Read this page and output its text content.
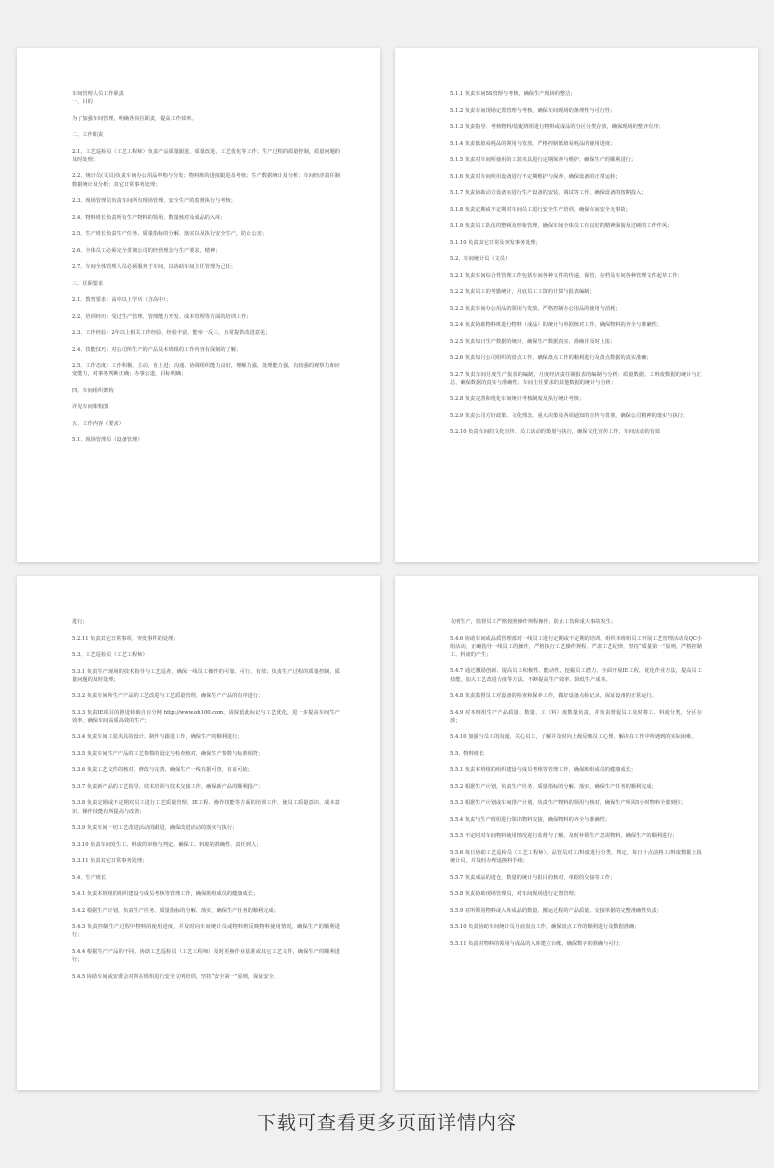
车间管理人员工作职责

一、目的

为了加强车间管理，明确各岗位职责，提高工作效率。

二、工作职责

2.1、工艺巡检员（工艺工程师）负责产品质量跟进、质量改进、工艺优化等工作；生产过程的质量控制，质量问题的及时处理；

2.2、统计员(文员)负责车间办公用品申购与分发；物料班的进度跟进及考核；生产数据统计及分析；车间经济责任制数据统计及分析；其它日常事务处理；

2.3、现场管理员负责车间所有现场管理、安全生产的监督执行与考核；

2.4、物料班长负责所有生产物料的领用、数量核对及成品的入库；

2.5、生产班长负责生产任务、质量指标的分解、落实以及执行安全生产，防止公害；

2.6、全体员工必须完全贯彻公司的经营理念与生产要求，精神；

2.7、车间全体管理人员必须服务于车间，以协助车间主任管理为己任；

三、任职要求

2.1、教育要求：高中以上学历（含高中）；

2.2、培训经历：受过生产管理、管理能力开发、成本管理等方面的培训工作；

2.3、工作经验：2年以上相关工作经验，经验丰富，能举一反三，且常提供改进意见；

2.4、技能技巧：对公司所生产的产品及本班组的工作内容有深刻的了解；

2.5、工作态度：工作积极、主动，肯上进；沟通、协调组织能力良好，理解力强，处理能力强，有较强的观察力和应变能力，对事务判断正确；办事公道，目标明确；

四、车间组织架构

详见车间架构图

五、工作内容（要求）

5.1、现场管理员（设备管理）

5.1.1 负责车间5S管理与考核，确保生产现场的整洁；

5.1.2 负责车间现场定置管理与考核，确保车间现场的条理性与可行性；

5.1.3 负责指导、考核物料/装配班组进行物料或成品的分区分类存放，确保现场的整齐有序；

5.1.4 负责低值易耗品的领用与发放，严格控制低值易耗品的使用进度；

5.1.5 负责对车间所使用的工装夹具进行定期保养与维护，确保生产的顺利进行；

5.1.6 负责对车间所用设备进行不定期维护与保养，确保设备的正常运转；

5.1.7 负责协助动力设备室进行生产设备的安装、调试等工作，确保设备的按期投入；

5.1.8 负责定期或不定期对车间员工进行安全生产培训，确保车间安全无事故；

5.1.9 负责员工队伍的整顿及形象管理，确保车间全体员工有良好的精神面貌及过硬的工作作风；

5.1.10 负责其它日常及突发事务处理；

5.2、车间统计员（文员）

5.2.1 负责车间综合性管理工作包括车间各种文件的传递，保管，存档及车间各种管理文件起草工作；

5.2.2 负责员工的考勤统计，月底员工工资的计算与报表编制；

5.2.3 负责车间办公用品的领用与发放，严格控制办公用品的使用与消耗；

5.2.4 负责协助物料班进行物料（成品）的统计与单据核对工作，确保物料的齐全与准确性；

5.2.5 负责每日生产数据的统计，确保生产数据真实、准确并及时上报；

5.2.6 负责每月公司组织的盘点工作，确保盘点工作的顺利进行及盘点数据的真实准确；

5.2.7 负责车间月度生产报表的编制，月度经济责任制报表的编制与分析；质量数据、工料废数据的统计与汇总，确保数据的真实与准确性；车间主任要求的其他数据的统计与分析；

5.2.8 负责完善和优化车间统计考核制度及执行统计考核；

5.2.9 负责公司方针政策、文化理念、重大决策及各项通知的宣传与贯彻，确保公司精神的落实与执行；

5.2.10 负责车间的文化宣传、员工活动的策划与执行，确保文化宣传工作，车间活动的有效

进行；

5.2.11 负责其它日常事项、突发事件的处理；

5.3、工艺巡检员（工艺工程师）

5.3.1 负责生产现场的技术指导与工艺巡查，确保一线员工操作的可靠、可行、有效；负责生产过程的质量控制，质量问题的及时处理；

5.3.2 负责车间所生产产品的工艺改进与工艺质量管理，确保生产产品的有序进行；

5.3.3 负责IE项目的推进转载自百分网 http://www.oh100.com，请保留此标记与工艺优化，进一步提高车间生产效率，确保车间高质高效的生产；

5.3.4 负责车间工装夹具的设计、制作与跟进工作，确保生产的顺利进行；

5.3.5 负责车间生产产品的工艺参数的设定与检查核对，确保生产参数与标准相符；

5.3.6 负责工艺文件的核对、修改与完善，确保生产一线有据可查，有证可依；

5.3.7 负责新产品的工艺指导、技术培训与技术交接工作，确保新产品的顺利投产；

5.3.8 负责定期或不定期对员工进行工艺质量管理、IE工程、操作技能等方面的培训工作，使员工质量意识、成本意识、操作技能有所提高与改善；

5.3.9 负责车间一切工艺改进活动的跟进，确保改进活动的落实与执行；

5.3.10 负责车间发生工、料废的审核与判定，确保工、料废的准确性、责任到人；

5.3.11 负责其它日常事务处理；

5.4、生产班长

5.4.1 负责本班组的组织建设与成员考核等管理工作，确保班组成员的健康成长；

5.4.2 根据生产计划，负责生产任务、质量指标的分解、落实，确保生产任务的顺利完成；

5.4.3 负责控制生产过程中物料的使用进度，并及时向车间统计员或物料班反映物料使用情况，确保生产的顺利进行；

5.4.4 根据生产产品的不同，协助工艺巡检员（工艺工程师）及时更换作业基准或其它工艺文件，确保生产的顺利进行；

5.4.5 协助车间或安委会对所在班组进行安全文明培训，坚持“安全第一”原则，保证安全、

文明生产，监督员工严格按照操作规程操作，防止工伤和重大事故发生；

5.4.6 协助车间或品质管理部对一线员工进行定期或不定期的培训，组织本班组员工开展工艺管理活动及QC小组活动，正确指导一线员工的操作，严格执行工艺操作规程，严肃工艺纪律，坚持“质量第一”原则，严格控制工、料废的产生；

5.4.7 通过激励创新、提高员工积极性、能动性，挖掘员工潜力，全面开展IE工程，优化作业方法，提高员工技能，加大工艺改进力度等方法，不断提高生产效率，降低生产成本。

5.4.8 负责监督员工对设备的检查和保养工作，做好设备点检记录，保证设备的正常运行。

5.4.9 对本班组生产产品质量、数量、工（料）废数量负责，并负责督促员工及时将工、料废分类，分区存放；

5.4.10 加强与员工的沟通，关心员工，了解并及时向上级反映员工心理，解决在工作中所遇到的实际困难。

5.5、物料班长

5.5.1 负责本班组的组织建设与成员考核等管理工作，确保班组成员的健康成长；

5.5.2 根据生产计划，负责生产任务、质量指标的分解、落实，确保生产任务的顺利完成；

5.5.3 根据生产计划或车间排产计划，负责生产物料的领用与核对，确保生产所需5小时物料全部到位；

5.5.4 负责与生产班组进行领出物料交接，确保物料的齐全与准确性；

5.5.5 不定时对车间物料使用情况进行监督与了解，及时补领生产急需物料，确保生产的顺利进行；

5.5.6 每日协助工艺巡检员（工艺工程师）、品管员对工/料废进行分类、判定，每日十点前将工/料废数据上报统计员，并及时办理退换料手续；

5.5.7 负责成品的进仓，数量的统计与报目的核对，单据的交接等工作；

5.5.8 负责协助现场管理员，对车间现场进行定置管理；

5.5.9 对所领用物料或入库成品的数量、搬运过程的产品质量、交接单据的完整准确性负责；

5.5.10 负责协助车间统计员月底盘点工作，确保盘点工作的顺利进行及数据准确；

5.5.11 负责对物料的领用与成品的入库建立台帐，确保数字的准确与可行；

下载可查看更多页面详情内容
